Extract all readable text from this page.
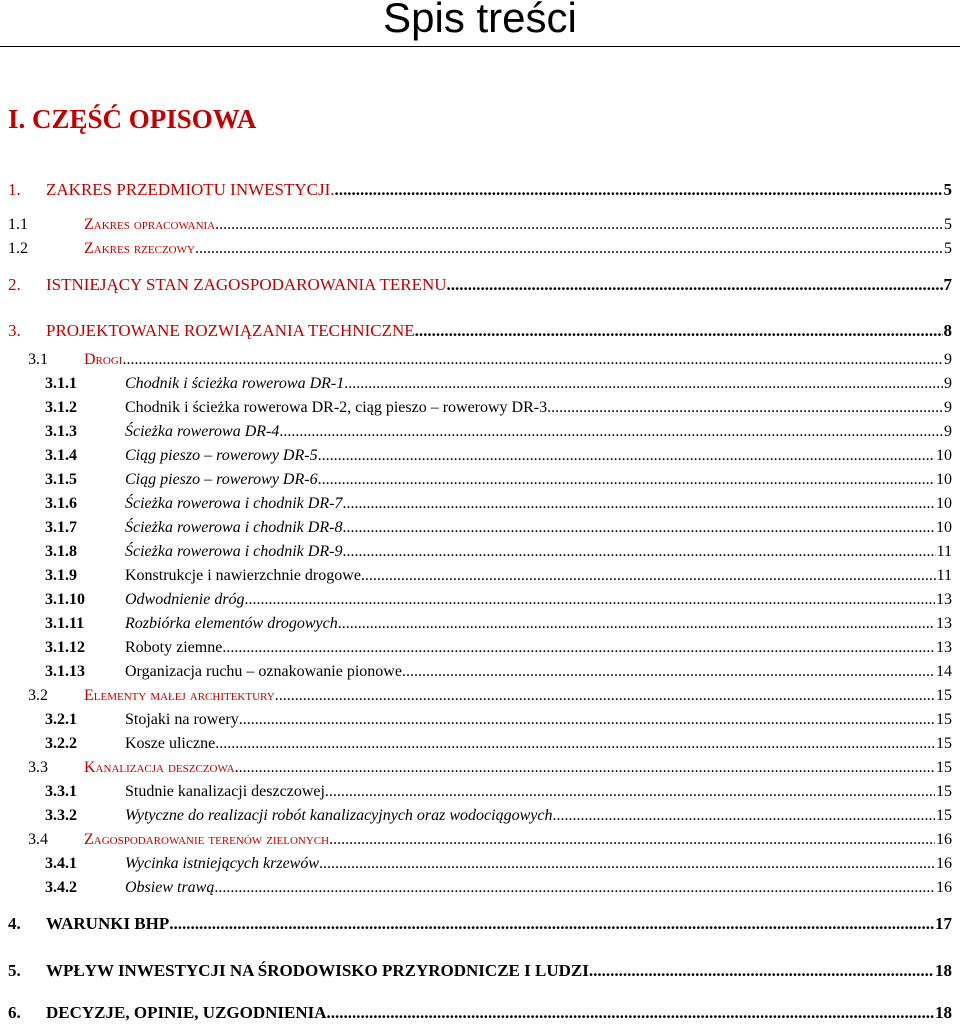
Spis treści
I. CZĘŚĆ OPISOWA
1.	ZAKRES PRZEDMIOTU INWESTYCJI. .....	5
1.1	Zakres opracowania .....	5
1.2	Zakres rzeczowy .....	5
2.	ISTNIEJĄCY STAN ZAGOSPODAROWANIA TERENU .....	7
3.	PROJEKTOWANE ROZWIĄZANIA TECHNICZNE .....	8
3.1	Drogi .....	9
3.1.1	Chodnik i ścieżka rowerowa DR-1 .....	9
3.1.2	Chodnik i ścieżka rowerowa DR-2, ciąg pieszo – rowerowy DR-3 .....	9
3.1.3	Ścieżka rowerowa DR-4 .....	9
3.1.4	Ciąg pieszo – rowerowy DR-5 .....	10
3.1.5	Ciąg pieszo – rowerowy DR-6 .....	10
3.1.6	Ścieżka rowerowa i chodnik DR-7 .....	10
3.1.7	Ścieżka rowerowa i chodnik DR-8 .....	10
3.1.8	Ścieżka rowerowa i chodnik DR-9 .....	11
3.1.9	Konstrukcje i nawierzchnie drogowe .....	11
3.1.10	Odwodnienie dróg .....	13
3.1.11	Rozbiórka elementów drogowych .....	13
3.1.12	Roboty ziemne .....	13
3.1.13	Organizacja ruchu – oznakowanie pionowe. .....	14
3.2	Elementy małej architektury .....	15
3.2.1	Stojaki na rowery .....	15
3.2.2	Kosze uliczne .....	15
3.3	Kanalizacja deszczowa .....	15
3.3.1	Studnie kanalizacji deszczowej .....	15
3.3.2	Wytyczne do realizacji robót kanalizacyjnych oraz wodociągowych .....	15
3.4	Zagospodarowanie terenów zielonych .....	16
3.4.1	Wycinka istniejących krzewów .....	16
3.4.2	Obsiew trawą .....	16
4.	WARUNKI BHP .....	17
5.	WPŁYW INWESTYCJI NA ŚRODOWISKO PRZYRODNICZE I LUDZI .....	18
6.	DECYZJE, OPINIE, UZGODNIENIA .....	18
